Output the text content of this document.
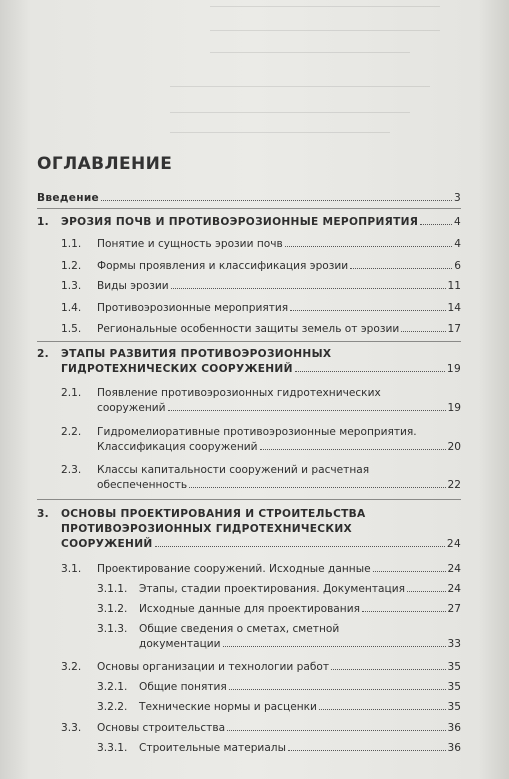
ОГЛАВЛЕНИЕ
Введение	3
1. ЭРОЗИЯ ПОЧВ И ПРОТИВОЭРОЗИОННЫЕ МЕРОПРИЯТИЯ	4
1.1. Понятие и сущность эрозии почв	4
1.2. Формы проявления и классификация эрозии	6
1.3. Виды эрозии	11
1.4. Противоэрозионные мероприятия	14
1.5. Региональные особенности защиты земель от эрозии	17
2. ЭТАПЫ РАЗВИТИЯ ПРОТИВОЭРОЗИОННЫХ
ГИДРОТЕХНИЧЕСКИХ СООРУЖЕНИЙ	19
2.1. Появление противоэрозионных гидротехнических
сооружений	19
2.2. Гидромелиоративные противоэрозионные мероприятия.
Классификация сооружений	20
2.3. Классы капитальности сооружений и расчетная
обеспеченность	22
3. ОСНОВЫ ПРОЕКТИРОВАНИЯ И СТРОИТЕЛЬСТВА
ПРОТИВОЭРОЗИОННЫХ ГИДРОТЕХНИЧЕСКИХ
СООРУЖЕНИЙ	24
3.1. Проектирование сооружений. Исходные данные	24
3.1.1. Этапы, стадии проектирования. Документация	24
3.1.2. Исходные данные для проектирования	27
3.1.3. Общие сведения о сметах, сметной
документации	33
3.2. Основы организации и технологии работ	35
3.2.1. Общие понятия	35
3.2.2. Технические нормы и расценки	35
3.3. Основы строительства	36
3.3.1. Строительные материалы	36
